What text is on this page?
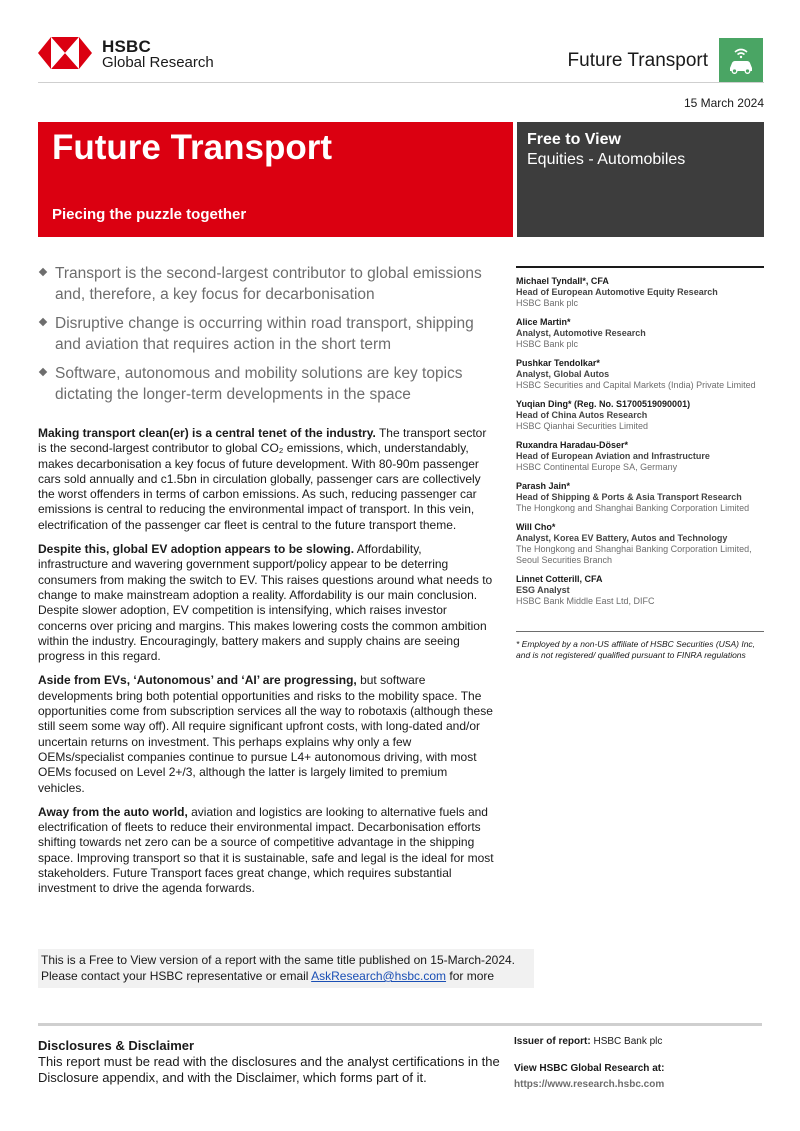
HSBC
Global Research	Future Transport
15 March 2024
Future Transport
Piecing the puzzle together
Free to View
Equities - Automobiles
Transport is the second-largest contributor to global emissions and, therefore, a key focus for decarbonisation
Disruptive change is occurring within road transport, shipping and aviation that requires action in the short term
Software, autonomous and mobility solutions are key topics dictating the longer-term developments in the space

Making transport clean(er) is a central tenet of the industry. The transport sector is the second-largest contributor to global CO₂ emissions, which, understandably, makes decarbonisation a key focus of future development. With 80-90m passenger cars sold annually and c1.5bn in circulation globally, passenger cars are collectively the worst offenders in terms of carbon emissions. As such, reducing passenger car emissions is central to reducing the environmental impact of transport. In this vein, electrification of the passenger car fleet is central to the future transport theme.

Despite this, global EV adoption appears to be slowing. Affordability, infrastructure and wavering government support/policy appear to be deterring consumers from making the switch to EV. This raises questions around what needs to change to make mainstream adoption a reality. Affordability is our main conclusion. Despite slower adoption, EV competition is intensifying, which raises investor concerns over pricing and margins. This makes lowering costs the common ambition within the industry. Encouragingly, battery makers and supply chains are seeing progress in this regard.

Aside from EVs, ‘Autonomous’ and ‘AI’ are progressing, but software developments bring both potential opportunities and risks to the mobility space. The opportunities come from subscription services all the way to robotaxis (although these still seem some way off). All require significant upfront costs, with long-dated and/or uncertain returns on investment. This perhaps explains why only a few OEMs/specialist companies continue to pursue L4+ autonomous driving, with most OEMs focused on Level 2+/3, although the latter is largely limited to premium vehicles.

Away from the auto world, aviation and logistics are looking to alternative fuels and electrification of fleets to reduce their environmental impact. Decarbonisation efforts shifting towards net zero can be a source of competitive advantage in the shipping space. Improving transport so that it is sustainable, safe and legal is the ideal for most stakeholders. Future Transport faces great change, which requires substantial investment to drive the agenda forwards.

Michael Tyndall*, CFA
Head of European Automotive Equity Research
HSBC Bank plc
Alice Martin*
Analyst, Automotive Research
HSBC Bank plc
Pushkar Tendolkar*
Analyst, Global Autos
HSBC Securities and Capital Markets (India) Private Limited
Yuqian Ding* (Reg. No. S1700519090001)
Head of China Autos Research
HSBC Qianhai Securities Limited
Ruxandra Haradau-Döser*
Head of European Aviation and Infrastructure
HSBC Continental Europe SA, Germany
Parash Jain*
Head of Shipping & Ports & Asia Transport Research
The Hongkong and Shanghai Banking Corporation Limited
Will Cho*
Analyst, Korea EV Battery, Autos and Technology
The Hongkong and Shanghai Banking Corporation Limited, Seoul Securities Branch
Linnet Cotterill, CFA
ESG Analyst
HSBC Bank Middle East Ltd, DIFC
* Employed by a non-US affiliate of HSBC Securities (USA) Inc, and is not registered/ qualified pursuant to FINRA regulations
This is a Free to View version of a report with the same title published on 15-March-2024.
Please contact your HSBC representative or email AskResearch@hsbc.com for more
Disclosures & Disclaimer
This report must be read with the disclosures and the analyst certifications in the Disclosure appendix, and with the Disclaimer, which forms part of it.
Issuer of report: HSBC Bank plc
View HSBC Global Research at:
https://www.research.hsbc.com
